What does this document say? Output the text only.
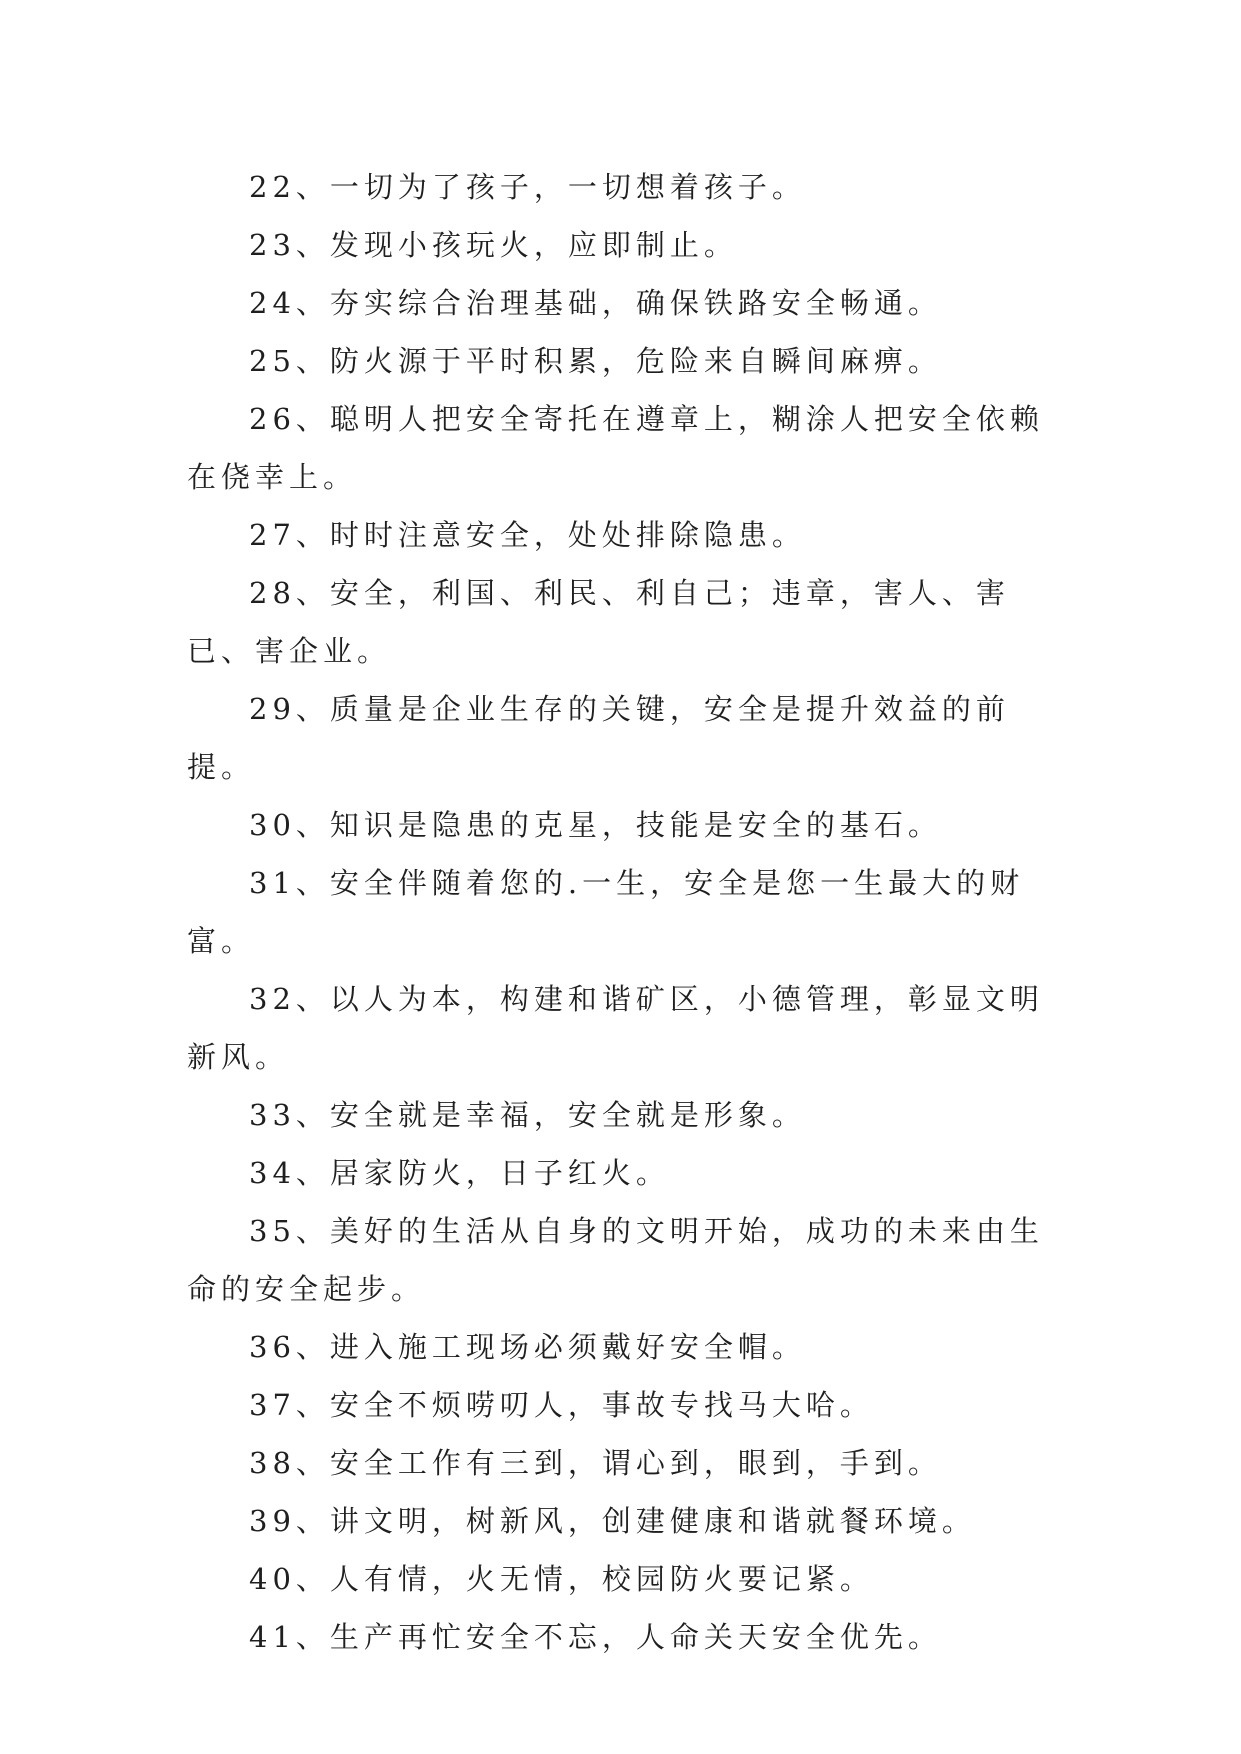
22、一切为了孩子，一切想着孩子。

23、发现小孩玩火，应即制止。

24、夯实综合治理基础，确保铁路安全畅通。

25、防火源于平时积累，危险来自瞬间麻痹。

26、聪明人把安全寄托在遵章上，糊涂人把安全依赖在侥幸上。

27、时时注意安全，处处排除隐患。

28、安全，利国、利民、利自己；违章，害人、害已、害企业。

29、质量是企业生存的关键，安全是提升效益的前提。

30、知识是隐患的克星，技能是安全的基石。

31、安全伴随着您的.一生，安全是您一生最大的财富。

32、以人为本，构建和谐矿区，小德管理，彰显文明新风。

33、安全就是幸福，安全就是形象。

34、居家防火，日子红火。

35、美好的生活从自身的文明开始，成功的未来由生命的安全起步。

36、进入施工现场必须戴好安全帽。

37、安全不烦唠叨人，事故专找马大哈。

38、安全工作有三到，谓心到，眼到，手到。

39、讲文明，树新风，创建健康和谐就餐环境。

40、人有情，火无情，校园防火要记紧。

41、生产再忙安全不忘，人命关天安全优先。
